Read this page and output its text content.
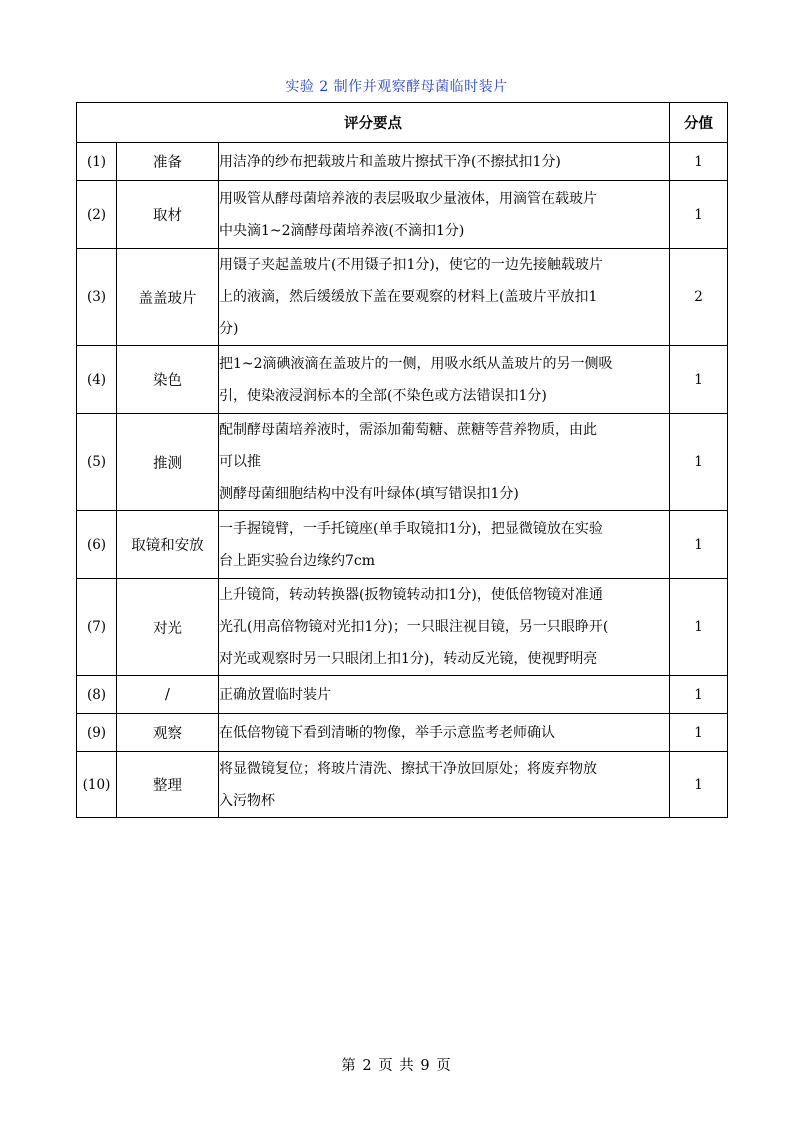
实验 2 制作并观察酵母菌临时装片
评分要点			分值
(1)	准备	用洁净的纱布把载玻片和盖玻片擦拭干净(不擦拭扣1分)	1
(2)	取材	用吸管从酵母菌培养液的表层吸取少量液体，用滴管在载玻片
中央滴1~2滴酵母菌培养液(不滴扣1分)	1
(3)	盖盖玻片	用镊子夹起盖玻片(不用镊子扣1分)，使它的一边先接触载玻片
上的液滴，然后缓缓放下盖在要观察的材料上(盖玻片平放扣1
分)	2
(4)	染色	把1~2滴碘液滴在盖玻片的一侧，用吸水纸从盖玻片的另一侧吸
引，使染液浸润标本的全部(不染色或方法错误扣1分)	1
(5)	推测	配制酵母菌培养液时，需添加葡萄糖、蔗糖等营养物质，由此
可以推
测酵母菌细胞结构中没有叶绿体(填写错误扣1分)	1
(6)	取镜和安放	一手握镜臂，一手托镜座(单手取镜扣1分)，把显微镜放在实验
台上距实验台边缘约7cm	1
(7)	对光	上升镜筒，转动转换器(扳物镜转动扣1分)，使低倍物镜对准通
光孔(用高倍物镜对光扣1分)；一只眼注视目镜，另一只眼睁开(
对光或观察时另一只眼闭上扣1分)，转动反光镜，使视野明亮	1
(8)	/	正确放置临时装片	1
(9)	观察	在低倍物镜下看到清晰的物像，举手示意监考老师确认	1
(10)	整理	将显微镜复位；将玻片清洗、擦拭干净放回原处；将废弃物放
入污物杯	1
第 2 页 共 9 页
